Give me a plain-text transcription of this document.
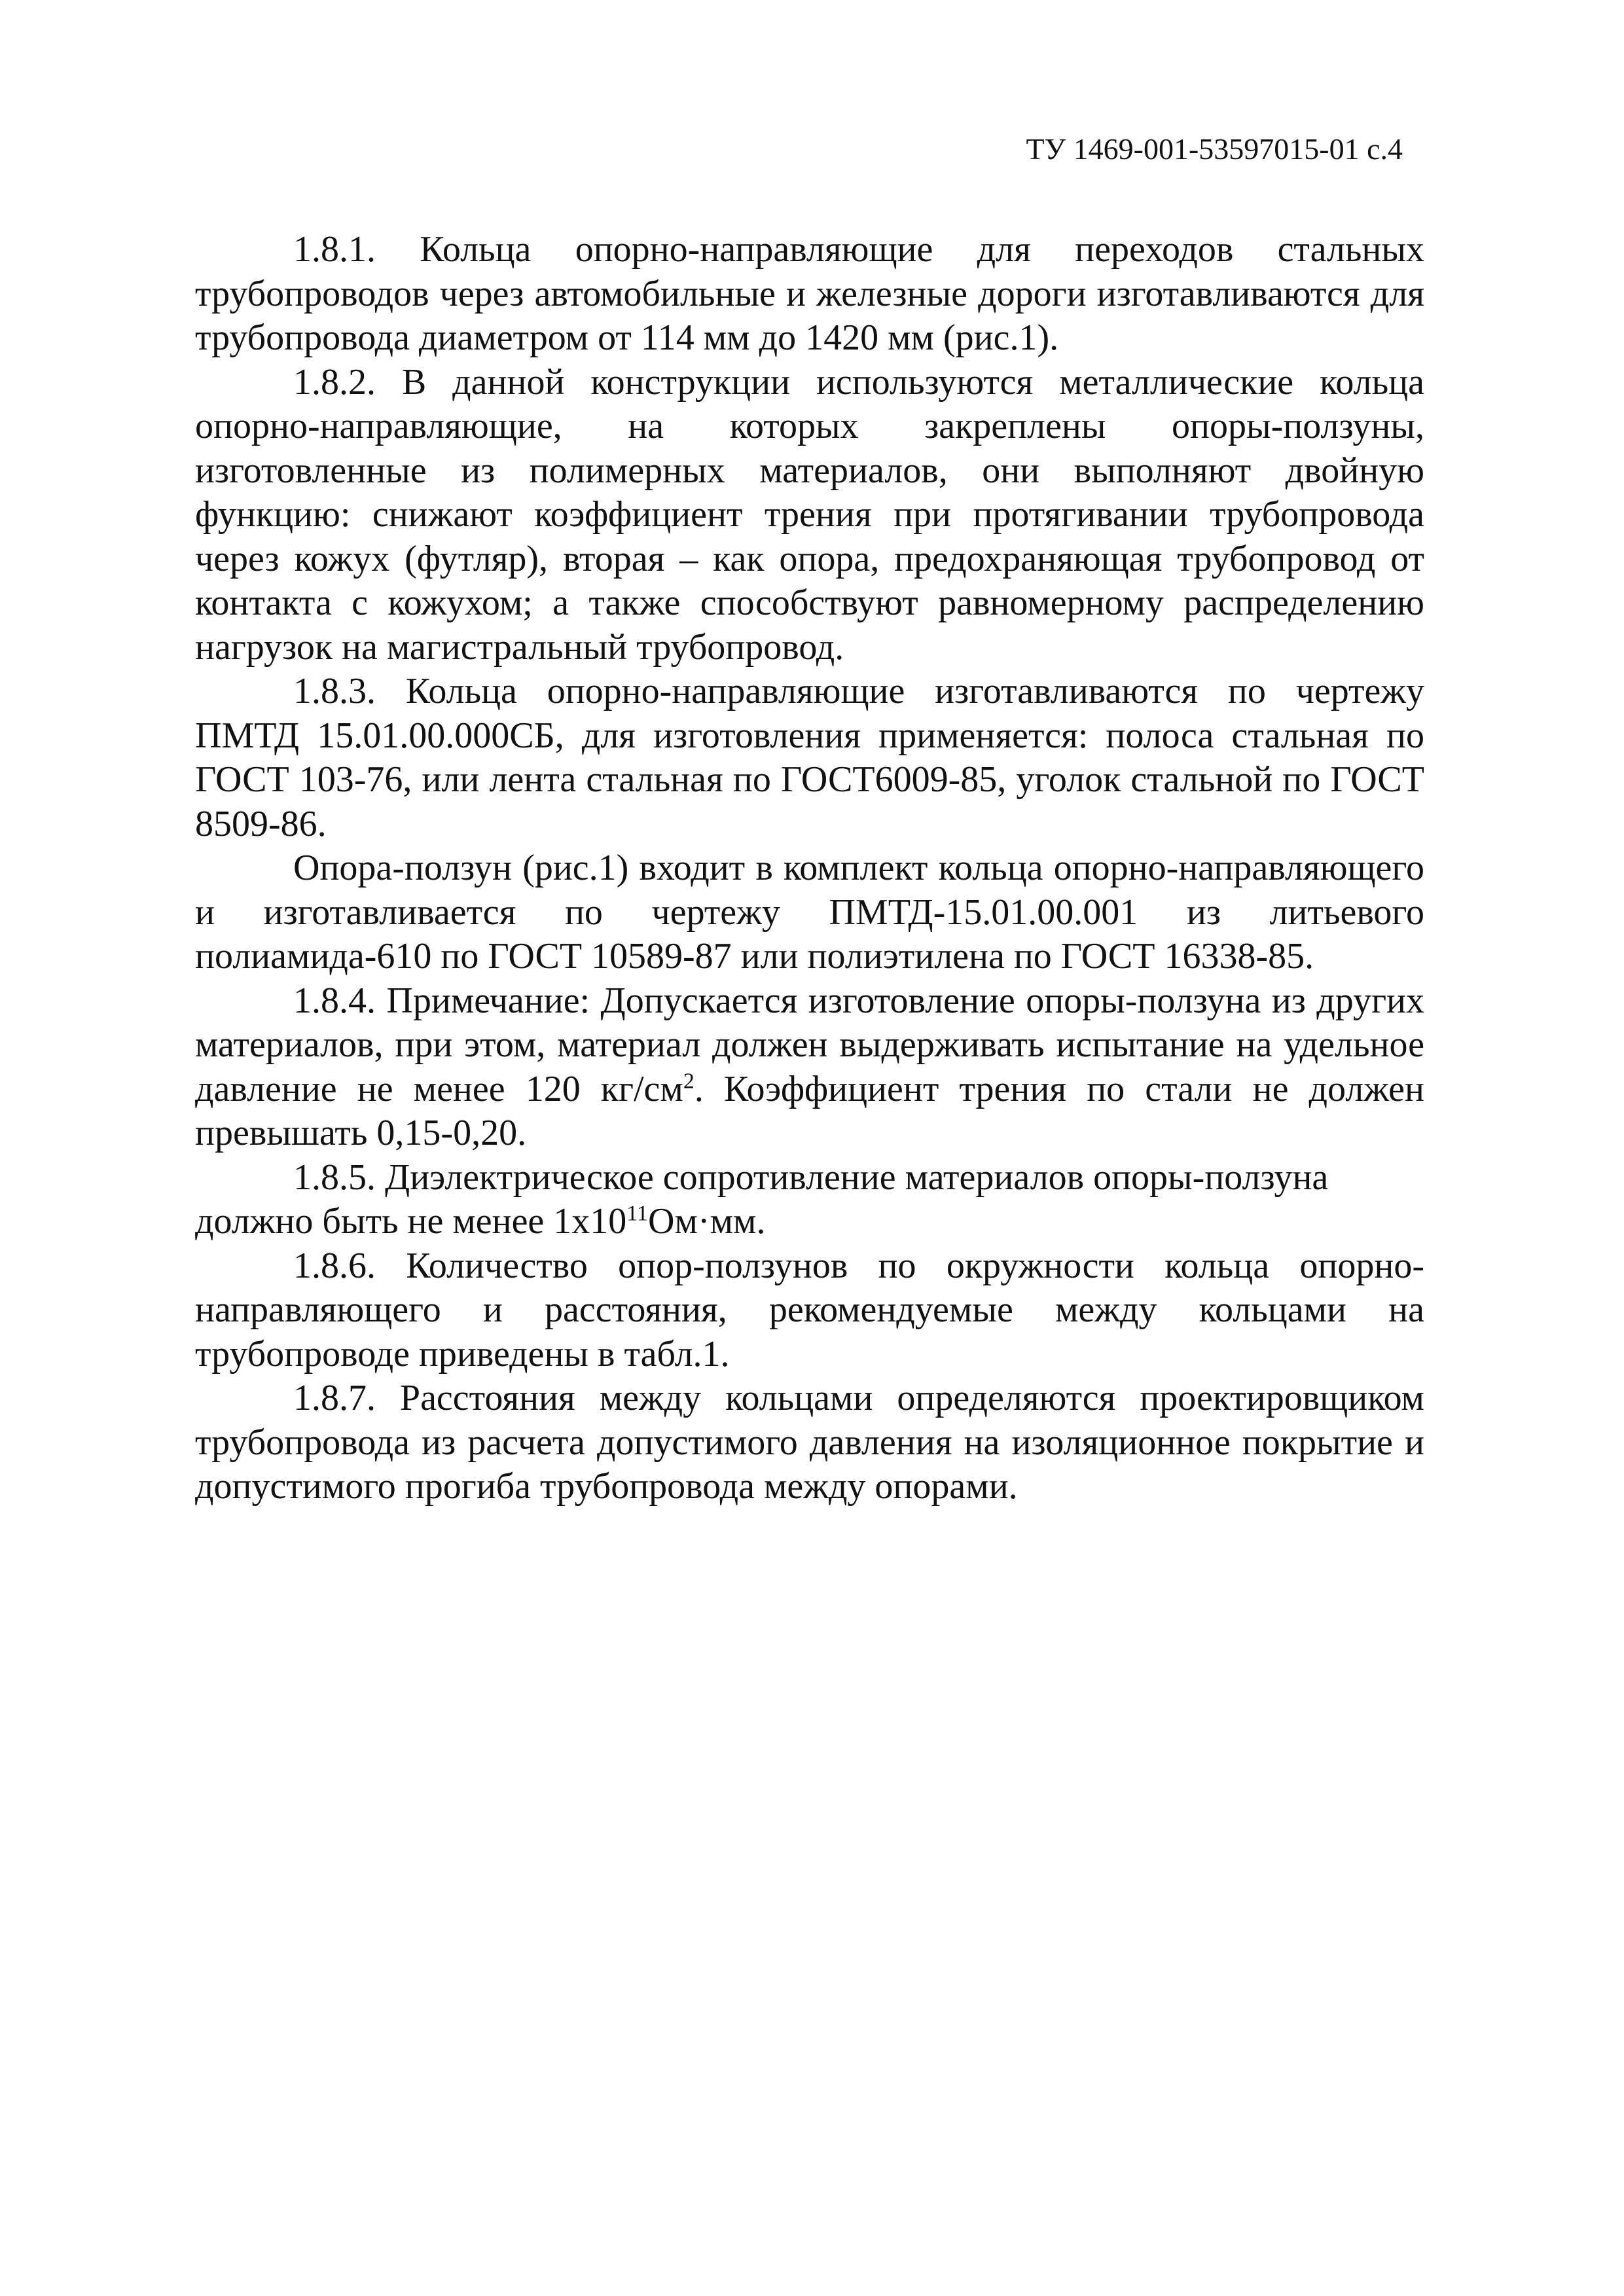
ТУ 1469-001-53597015-01 с.4

1.8.1. Кольца опорно-направляющие для переходов стальных трубопроводов через автомобильные и железные дороги изготавливаются для трубопровода диаметром от 114 мм до 1420 мм (рис.1).

1.8.2. В данной конструкции используются металлические кольца опорно-направляющие, на которых закреплены опоры-ползуны, изготовленные из полимерных материалов, они выполняют двойную функцию: снижают коэффициент трения при протягивании трубопровода через кожух (футляр), вторая – как опора, предохраняющая трубопровод от контакта с кожухом; а также способствуют равномерному распределению нагрузок на магистральный трубопровод.

1.8.3. Кольца опорно-направляющие изготавливаются по чертежу ПМТД 15.01.00.000СБ, для изготовления применяется: полоса стальная по ГОСТ 103-76, или лента стальная по ГОСТ6009-85, уголок стальной по ГОСТ 8509-86.

Опора-ползун (рис.1) входит в комплект кольца опорно-направляющего и изготавливается по чертежу ПМТД-15.01.00.001 из литьевого полиамида-610 по ГОСТ 10589-87 или полиэтилена по ГОСТ 16338-85.

1.8.4. Примечание: Допускается изготовление опоры-ползуна из других материалов, при этом, материал должен выдерживать испытание на удельное давление не менее 120 $кг/см^2$. Коэффициент трения по стали не должен превышать 0,15-0,20.

1.8.5. Диэлектрическое сопротивление материалов опоры-ползуна должно быть не менее $1х10^{11}Ом\cdot мм$.

1.8.6. Количество опор-ползунов по окружности кольца опорно-направляющего и расстояния, рекомендуемые между кольцами на трубопроводе приведены в табл.1.

1.8.7. Расстояния между кольцами определяются проектировщиком трубопровода из расчета допустимого давления на изоляционное покрытие и допустимого прогиба трубопровода между опорами.
